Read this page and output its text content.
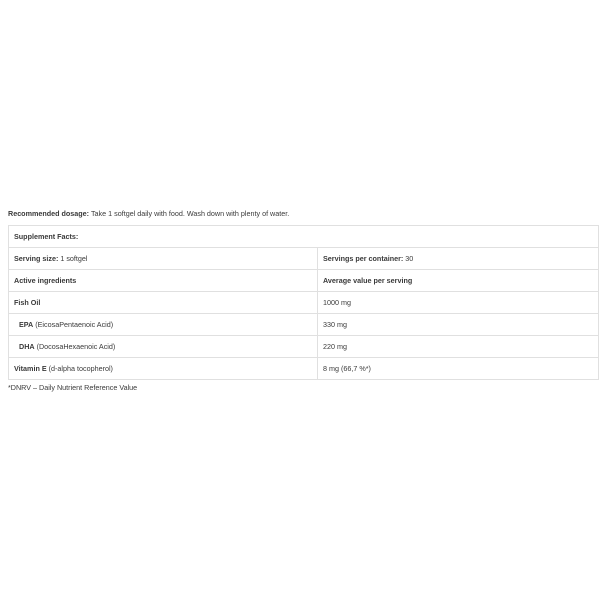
Recommended dosage: Take 1 softgel daily with food. Wash down with plenty of water.
Supplement Facts:	
Serving size: 1 softgel	Servings per container: 30
Active ingredients	Average value per serving
Fish Oil	1000 mg
EPA (EicosaPentaenoic Acid)	330 mg
DHA (DocosaHexaenoic Acid)	220 mg
Vitamin E (d-alpha tocopherol)	8 mg (66,7 %*)
*DNRV – Daily Nutrient Reference Value
